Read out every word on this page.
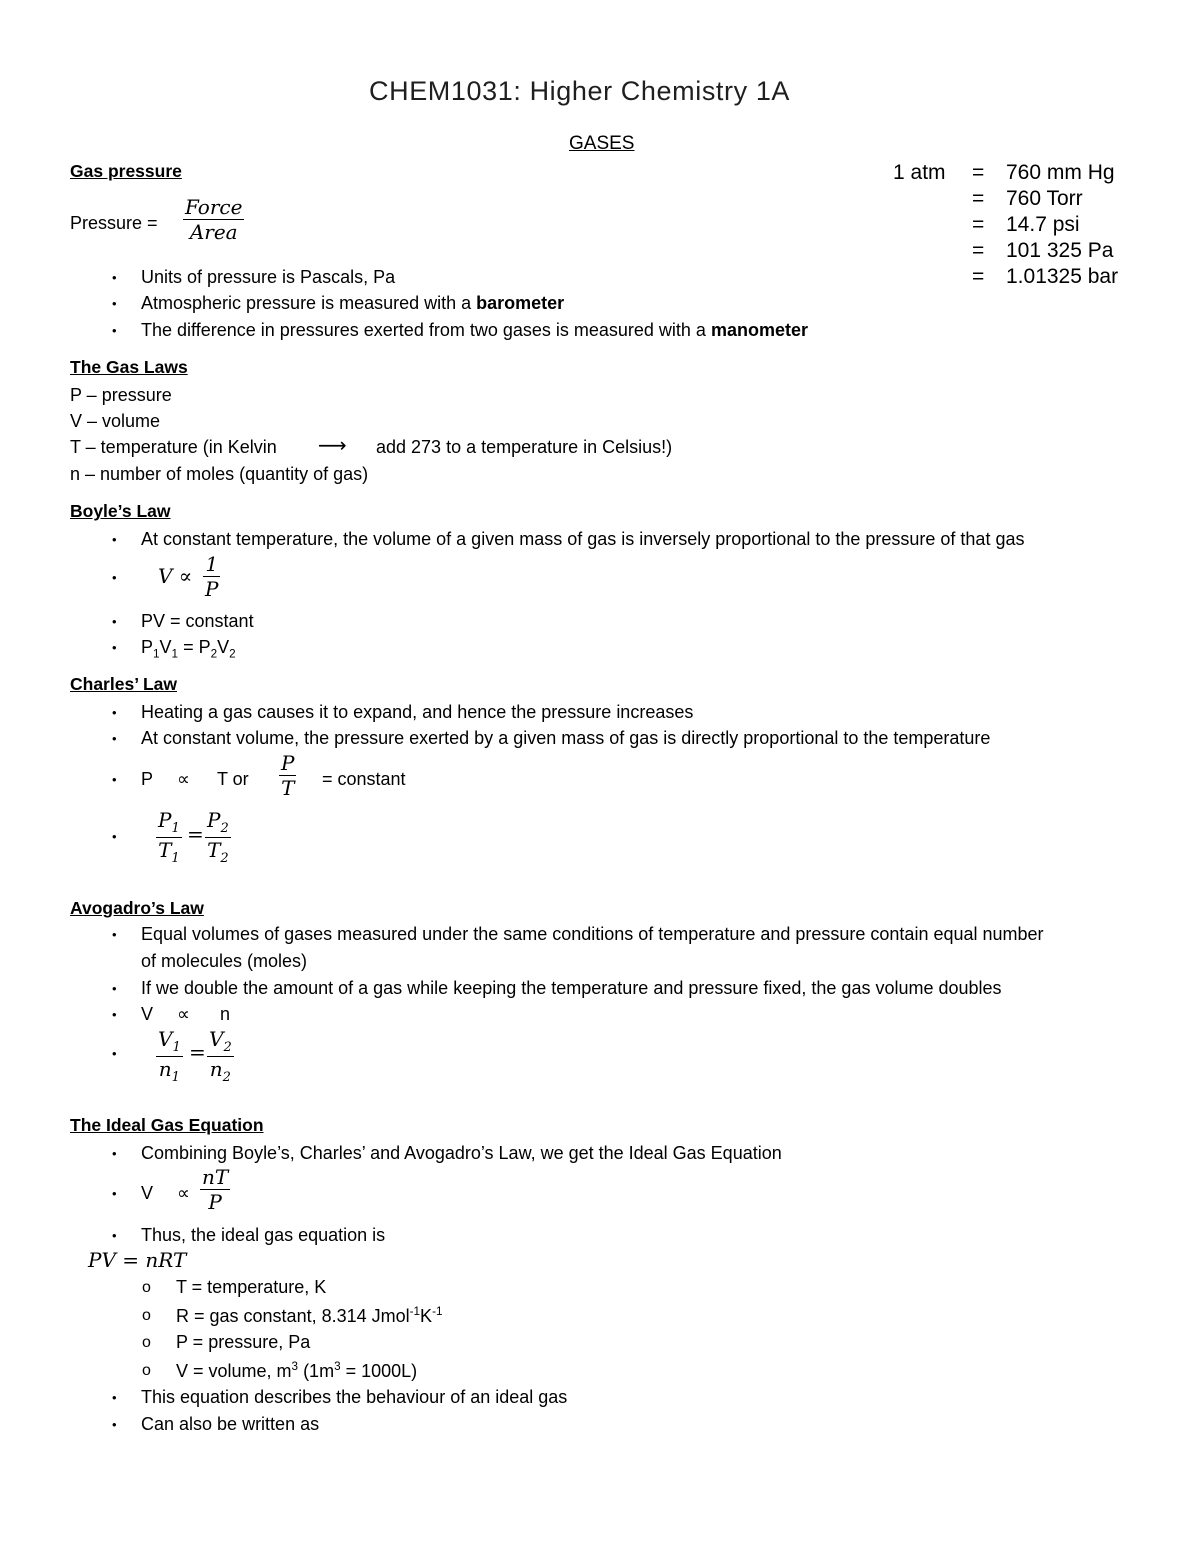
CHEM1031: Higher Chemistry 1A
GASES
Gas pressure
Pressure =
Force
Area
• Units of pressure is Pascals, Pa
• Atmospheric pressure is measured with a barometer
• The difference in pressures exerted from two gases is measured with a manometer
1 atm = 760 mm Hg
= 760 Torr
= 14.7 psi
= 101 325 Pa
= 1.01325 bar
The Gas Laws
P – pressure
V – volume
T – temperature (in Kelvin ⟶ add 273 to a temperature in Celsius!)
n – number of moles (quantity of gas)
Boyle’s Law
• At constant temperature, the volume of a given mass of gas is inversely proportional to the pressure of that gas
• V ∝ 1
P
• PV = constant
• $P_1V_1 = P_2V_2$
Charles’ Law
• Heating a gas causes it to expand, and hence the pressure increases
• At constant volume, the pressure exerted by a given mass of gas is directly proportional to the temperature
• P ∝ T or
P
T = constant
•
$P_1$
$T_1$
=
$P_2$
$T_2$
Avogadro’s Law
• Equal volumes of gases measured under the same conditions of temperature and pressure contain equal number
of molecules (moles)
• If we double the amount of a gas while keeping the temperature and pressure fixed, the gas volume doubles
• V ∝ n
•
$V_1$
$n_1$
=
$V_2$
$n_2$
The Ideal Gas Equation
• Combining Boyle’s, Charles’ and Avogadro’s Law, we get the Ideal Gas Equation
• V ∝
nT
P
• Thus, the ideal gas equation is
PV = nRT
o T = temperature, K
o R = gas constant, 8.314 $Jmol^{-1}K^{-1}$
o P = pressure, Pa
o V = volume, $m^3$ $(1m^3 = 1000L)$
• This equation describes the behaviour of an ideal gas
• Can also be written as
